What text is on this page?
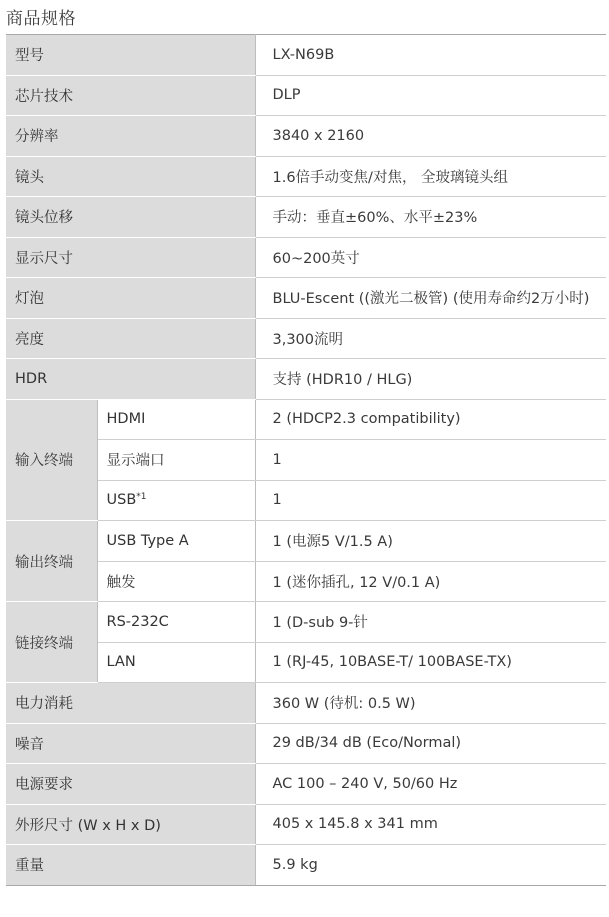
商品规格
型号		LX-N69B
芯片技术		DLP
分辨率		3840 x 2160
镜头		1.6倍手动变焦/对焦， 全玻璃镜头组
镜头位移		手动：垂直±60%、水平±23%
显示尺寸		60~200英寸
灯泡		BLU-Escent ((激光二极管) (使用寿命约2万小时)
亮度		3,300流明
HDR		支持 (HDR10 / HLG)
输入终端	HDMI	2 (HDCP2.3 compatibility)
	显示端口	1
	USB$^{*1}$	1
输出终端	USB Type A	1 (电源5 V/1.5 A)
	触发	1 (迷你插孔, 12 V/0.1 A)
链接终端	RS-232C	1 (D-sub 9-针
	LAN	1 (RJ-45, 10BASE-T/ 100BASE-TX)
电力消耗		360 W (待机: 0.5 W)
噪音		29 dB/34 dB (Eco/Normal)
电源要求		AC 100 – 240 V, 50/60 Hz
外形尺寸 (W x H x D)		405 x 145.8 x 341 mm
重量		5.9 kg
